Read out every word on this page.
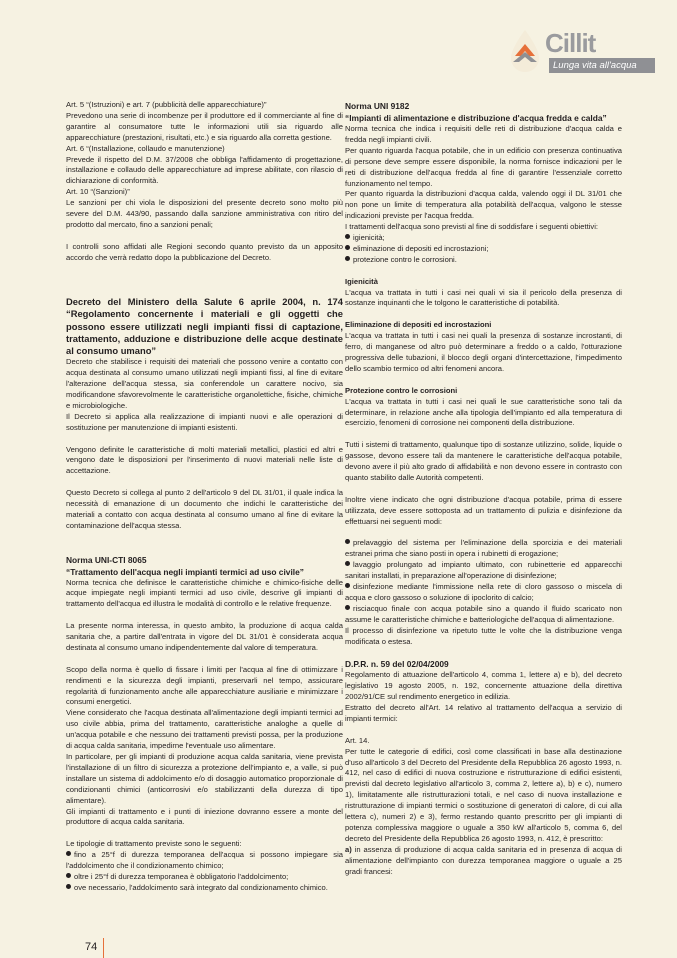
Cillit
Lunga vita all'acqua

Art. 5 “(Istruzioni) e art. 7 (pubblicità delle apparecchiature)”

Prevedono una serie di incombenze per il produttore ed il commerciante al fine di garantire al consumatore tutte le informazioni utili sia riguardo alle apparecchiature (prestazioni, risultati, etc.) e sia riguardo alla corretta gestione.

Art. 6 “(Installazione, collaudo e manutenzione)

Prevede il rispetto del D.M. 37/2008 che obbliga l'affidamento di progettazione, installazione e collaudo delle apparecchiature ad imprese abilitate, con rilascio di dichiarazione di conformità.

Art. 10 “(Sanzioni)”

Le sanzioni per chi viola le disposizioni del presente decreto sono molto più severe del D.M. 443/90, passando dalla sanzione amministrativa con ritiro del prodotto dal mercato, fino a sanzioni penali;

I controlli sono affidati alle Regioni secondo quanto previsto da un apposito accordo che verrà redatto dopo la pubblicazione del Decreto.

Decreto del Ministero della Salute 6 aprile 2004, n. 174 “Regolamento concernente i materiali e gli oggetti che possono essere utilizzati negli impianti fissi di captazione, trattamento, adduzione e distribuzione delle acque destinate al consumo umano”

Decreto che stabilisce i requisiti dei materiali che possono venire a contatto con acqua destinata al consumo umano utilizzati negli impianti fissi, al fine di evitare l'alterazione dell'acqua stessa, sia conferendole un carattere nocivo, sia modificandone sfavorevolmente le caratteristiche organolettiche, fisiche, chimiche e microbiologiche.

Il Decreto si applica alla realizzazione di impianti nuovi e alle operazioni di sostituzione per manutenzione di impianti esistenti.

Vengono definite le caratteristiche di molti materiali metallici, plastici ed altri e vengono date le disposizioni per l'inserimento di nuovi materiali nelle liste di accettazione.

Questo Decreto si collega al punto 2 dell'articolo 9 del DL 31/01, il quale indica la necessità di emanazione di un documento che indichi le caratteristiche dei materiali a contatto con acqua destinata al consumo umano al fine di evitare la contaminazione dell'acqua stessa.

Norma UNI-CTI 8065

“Trattamento dell'acqua negli impianti termici ad uso civile”

Norma tecnica che definisce le caratteristiche chimiche e chimico-fisiche delle acque impiegate negli impianti termici ad uso civile, descrive gli impianti di trattamento dell'acqua ed illustra le modalità di controllo e le relative frequenze.

La presente norma interessa, in questo ambito, la produzione di acqua calda sanitaria che, a partire dall'entrata in vigore del DL 31/01 è considerata acqua destinata al consumo umano indipendentemente dal valore di temperatura.

Scopo della norma è quello di fissare i limiti per l'acqua al fine di ottimizzare i rendimenti e la sicurezza degli impianti, preservarli nel tempo, assicurare regolarità di funzionamento anche alle apparecchiature ausiliarie e minimizzare i consumi energetici.

Viene considerato che l'acqua destinata all'alimentazione degli impianti termici ad uso civile abbia, prima del trattamento, caratteristiche analoghe a quelle di un'acqua potabile e che nessuno dei trattamenti previsti possa, per la produzione di acqua calda sanitaria, impedirne l'eventuale uso alimentare.

In particolare, per gli impianti di produzione acqua calda sanitaria, viene prevista l'installazione di un filtro di sicurezza a protezione dell'impianto e, a valle, si può installare un sistema di addolcimento e/o di dosaggio automatico proporzionale di condizionanti chimici (anticorrosivi e/o stabilizzanti della durezza di tipo alimentare).

Gli impianti di trattamento e i punti di iniezione dovranno essere a monte del produttore di acqua calda sanitaria.

Le tipologie di trattamento previste sono le seguenti:

fino a 25°f di durezza temporanea dell'acqua si possono impiegare sia l'addolcimento che il condizionamento chimico;

oltre i 25°f di durezza temporanea è obbligatorio l'addolcimento;

ove necessario, l'addolcimento sarà integrato dal condizionamento chimico.

Norma UNI 9182

“Impianti di alimentazione e distribuzione d'acqua fredda e calda”

Norma tecnica che indica i requisiti delle reti di distribuzione d'acqua calda e fredda negli impianti civili.

Per quanto riguarda l'acqua potabile, che in un edificio con presenza continuativa di persone deve sempre essere disponibile, la norma fornisce indicazioni per le reti di distribuzione dell'acqua fredda al fine di garantire l'essenziale corretto funzionamento nel tempo.

Per quanto riguarda la distribuzioni d'acqua calda, valendo oggi il DL 31/01 che non pone un limite di temperatura alla potabilità dell'acqua, valgono le stesse indicazioni previste per l'acqua fredda.

I trattamenti dell'acqua sono previsti al fine di soddisfare i seguenti obiettivi:

igienicità;

eliminazione di depositi ed incrostazioni;

protezione contro le corrosioni.

Igienicità

L'acqua va trattata in tutti i casi nei quali vi sia il pericolo della presenza di sostanze inquinanti che le tolgono le caratteristiche di potabilità.

Eliminazione di depositi ed incrostazioni

L'acqua va trattata in tutti i casi nei quali la presenza di sostanze incrostanti, di ferro, di manganese od altro può determinare a freddo o a caldo, l'otturazione progressiva delle tubazioni, il blocco degli organi d'intercettazione, l'impedimento dello scambio termico od altri fenomeni ancora.

Protezione contro le corrosioni

L'acqua va trattata in tutti i casi nei quali le sue caratteristiche sono tali da determinare, in relazione anche alla tipologia dell'impianto ed alla temperatura di esercizio, fenomeni di corrosione nei componenti della distribuzione.

Tutti i sistemi di trattamento, qualunque tipo di sostanze utilizzino, solide, liquide o gassose, devono essere tali da mantenere le caratteristiche dell'acqua potabile, devono avere il più alto grado di affidabilità e non devono essere in contrasto con quanto stabilito dalle Autorità competenti.

Inoltre viene indicato che ogni distribuzione d'acqua potabile, prima di essere utilizzata, deve essere sottoposta ad un trattamento di pulizia e disinfezione da effettuarsi nei seguenti modi:

prelavaggio del sistema per l'eliminazione della sporcizia e dei materiali estranei prima che siano posti in opera i rubinetti di erogazione;

lavaggio prolungato ad impianto ultimato, con rubinetterie ed apparecchi sanitari installati, in preparazione all'operazione di disinfezione;

disinfezione mediante l'immissione nella rete di cloro gassoso o miscela di acqua e cloro gassoso o soluzione di ipoclorito di calcio;

risciacquo finale con acqua potabile sino a quando il fluido scaricato non assume le caratteristiche chimiche e batteriologiche dell'acqua di alimentazione.

Il processo di disinfezione va ripetuto tutte le volte che la distribuzione venga modificata o estesa.

D.P.R. n. 59 del 02/04/2009

Regolamento di attuazione dell'articolo 4, comma 1, lettere a) e b), del decreto legislativo 19 agosto 2005, n. 192, concernente attuazione della direttiva 2002/91/CE sul rendimento energetico in edilizia.

Estratto del decreto all'Art. 14 relativo al trattamento dell'acqua a servizio di impianti termici:

Art. 14.

Per tutte le categorie di edifici, così come classificati in base alla destinazione d'uso all'articolo 3 del Decreto del Presidente della Repubblica 26 agosto 1993, n. 412, nel caso di edifici di nuova costruzione e ristrutturazione di edifici esistenti, previsti dal decreto legislativo all'articolo 3, comma 2, lettere a), b) e c), numero 1), limitatamente alle ristrutturazioni totali, e nel caso di nuova installazione e ristrutturazione di impianti termici o sostituzione di generatori di calore, di cui alla lettera c), numeri 2) e 3), fermo restando quanto prescritto per gli impianti di potenza complessiva maggiore o uguale a 350 kW all'articolo 5, comma 6, del decreto del Presidente della Repubblica 26 agosto 1993, n. 412, è prescritto:

a) in assenza di produzione di acqua calda sanitaria ed in presenza di acqua di alimentazione dell'impianto con durezza temporanea maggiore o uguale a 25 gradi francesi:

74
